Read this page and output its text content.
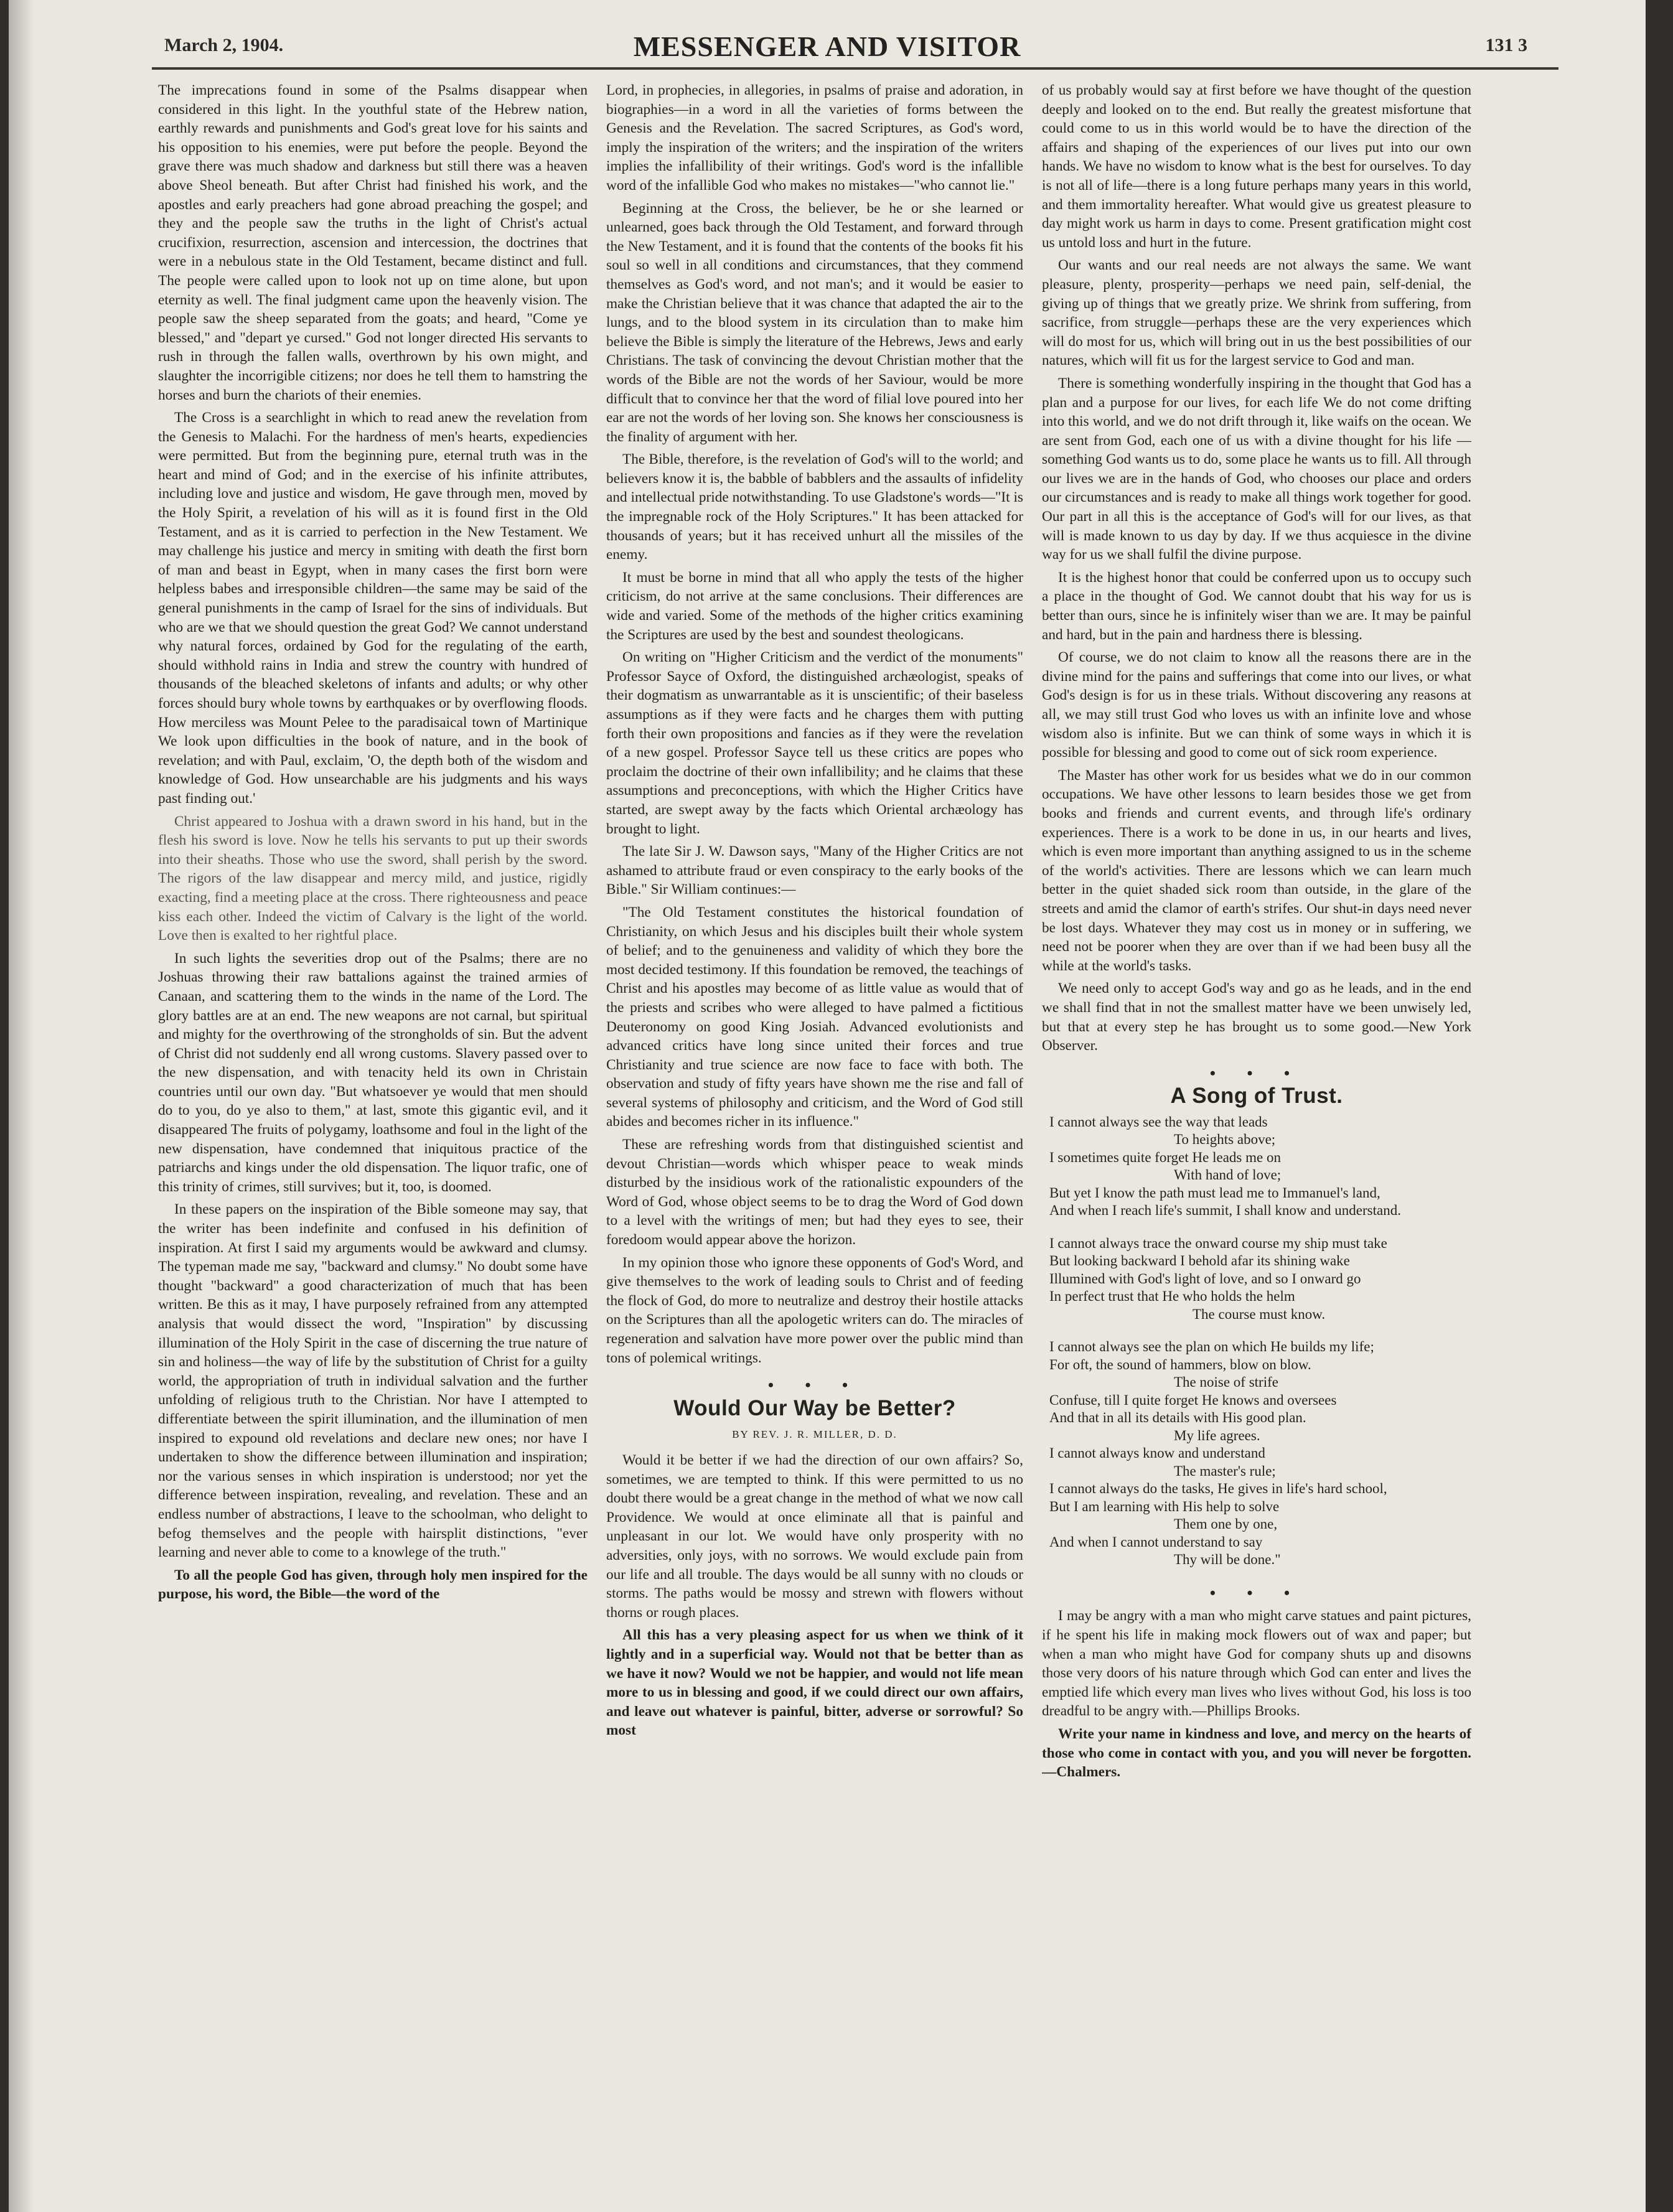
March 2, 1904.	MESSENGER AND VISITOR	131 3

The imprecations found in some of the Psalms disappear when considered in this light. In the youthful state of the Hebrew nation, earthly rewards and punishments and God's great love for his saints and his opposition to his enemies, were put before the people. Beyond the grave there was much shadow and darkness but still there was a heaven above Sheol beneath. But after Christ had finished his work, and the apostles and early preachers had gone abroad preaching the gospel; and they and the people saw the truths in the light of Christ's actual crucifixion, resurrection, ascension and intercession, the doctrines that were in a nebulous state in the Old Testament, became distinct and full. The people were called upon to look not up on time alone, but upon eternity as well. The final judgment came upon the heavenly vision. The people saw the sheep separated from the goats; and heard, "Come ye blessed," and "depart ye cursed." God not longer directed His servants to rush in through the fallen walls, overthrown by his own might, and slaughter the incorrigible citizens; nor does he tell them to hamstring the horses and burn the chariots of their enemies.

The Cross is a searchlight in which to read anew the revelation from the Genesis to Malachi. For the hardness of men's hearts, expediencies were permitted. But from the beginning pure, eternal truth was in the heart and mind of God; and in the exercise of his infinite attributes, including love and justice and wisdom, He gave through men, moved by the Holy Spirit, a revelation of his will as it is found first in the Old Testament, and as it is carried to perfection in the New Testament. We may challenge his justice and mercy in smiting with death the first born of man and beast in Egypt, when in many cases the first born were helpless babes and irresponsible children—the same may be said of the general punishments in the camp of Israel for the sins of individuals. But who are we that we should question the great God? We cannot understand why natural forces, ordained by God for the regulating of the earth, should withhold rains in India and strew the country with hundred of thousands of the bleached skeletons of infants and adults; or why other forces should bury whole towns by earthquakes or by overflowing floods. How merciless was Mount Pelee to the paradisaical town of Martinique We look upon difficulties in the book of nature, and in the book of revelation; and with Paul, exclaim, 'O, the depth both of the wisdom and knowledge of God. How unsearchable are his judgments and his ways past finding out.'

Christ appeared to Joshua with a drawn sword in his hand, but in the flesh his sword is love. Now he tells his servants to put up their swords into their sheaths. Those who use the sword, shall perish by the sword. The rigors of the law disappear and mercy mild, and justice, rigidly exacting, find a meeting place at the cross. There righteousness and peace kiss each other. Indeed the victim of Calvary is the light of the world. Love then is exalted to her rightful place.

In such lights the severities drop out of the Psalms; there are no Joshuas throwing their raw battalions against the trained armies of Canaan, and scattering them to the winds in the name of the Lord. The glory battles are at an end. The new weapons are not carnal, but spiritual and mighty for the overthrowing of the strongholds of sin. But the advent of Christ did not suddenly end all wrong customs. Slavery passed over to the new dispensation, and with tenacity held its own in Christain countries until our own day. "But whatsoever ye would that men should do to you, do ye also to them," at last, smote this gigantic evil, and it disappeared The fruits of polygamy, loathsome and foul in the light of the new dispensation, have condemned that iniquitous practice of the patriarchs and kings under the old dispensation. The liquor trafic, one of this trinity of crimes, still survives; but it, too, is doomed.

In these papers on the inspiration of the Bible someone may say, that the writer has been indefinite and confused in his definition of inspiration. At first I said my arguments would be awkward and clumsy. The typeman made me say, "backward and clumsy." No doubt some have thought "backward" a good characterization of much that has been written. Be this as it may, I have purposely refrained from any attempted analysis that would dissect the word, "Inspiration" by discussing illumination of the Holy Spirit in the case of discerning the true nature of sin and holiness—the way of life by the substitution of Christ for a guilty world, the appropriation of truth in individual salvation and the further unfolding of religious truth to the Christian. Nor have I attempted to differentiate between the spirit illumination, and the illumination of men inspired to expound old revelations and declare new ones; nor have I undertaken to show the difference between illumination and inspiration; nor the various senses in which inspiration is understood; nor yet the difference between inspiration, revealing, and revelation. These and an endless number of abstractions, I leave to the schoolman, who delight to befog themselves and the people with hairsplit distinctions, "ever learning and never able to come to a knowlege of the truth."

To all the people God has given, through holy men inspired for the purpose, his word, the Bible—the word of the

Lord, in prophecies, in allegories, in psalms of praise and adoration, in biographies—in a word in all the varieties of forms between the Genesis and the Revelation. The sacred Scriptures, as God's word, imply the inspiration of the writers; and the inspiration of the writers implies the infallibility of their writings. God's word is the infallible word of the infallible God who makes no mistakes—"who cannot lie."

Beginning at the Cross, the believer, be he or she learned or unlearned, goes back through the Old Testament, and forward through the New Testament, and it is found that the contents of the books fit his soul so well in all conditions and circumstances, that they commend themselves as God's word, and not man's; and it would be easier to make the Christian believe that it was chance that adapted the air to the lungs, and to the blood system in its circulation than to make him believe the Bible is simply the literature of the Hebrews, Jews and early Christians. The task of convincing the devout Christian mother that the words of the Bible are not the words of her Saviour, would be more difficult that to convince her that the word of filial love poured into her ear are not the words of her loving son. She knows her consciousness is the finality of argument with her.

The Bible, therefore, is the revelation of God's will to the world; and believers know it is, the babble of babblers and the assaults of infidelity and intellectual pride notwithstanding. To use Gladstone's words—"It is the impregnable rock of the Holy Scriptures." It has been attacked for thousands of years; but it has received unhurt all the missiles of the enemy.

It must be borne in mind that all who apply the tests of the higher criticism, do not arrive at the same conclusions. Their differences are wide and varied. Some of the methods of the higher critics examining the Scriptures are used by the best and soundest theologicans.

On writing on "Higher Criticism and the verdict of the monuments" Professor Sayce of Oxford, the distinguished archæologist, speaks of their dogmatism as unwarrantable as it is unscientific; of their baseless assumptions as if they were facts and he charges them with putting forth their own propositions and fancies as if they were the revelation of a new gospel. Professor Sayce tell us these critics are popes who proclaim the doctrine of their own infallibility; and he claims that these assumptions and preconceptions, with which the Higher Critics have started, are swept away by the facts which Oriental archæology has brought to light.

The late Sir J. W. Dawson says, "Many of the Higher Critics are not ashamed to attribute fraud or even conspiracy to the early books of the Bible." Sir William continues:—

"The Old Testament constitutes the historical foundation of Christianity, on which Jesus and his disciples built their whole system of belief; and to the genuineness and validity of which they bore the most decided testimony. If this foundation be removed, the teachings of Christ and his apostles may become of as little value as would that of the priests and scribes who were alleged to have palmed a fictitious Deuteronomy on good King Josiah. Advanced evolutionists and advanced critics have long since united their forces and true Christianity and true science are now face to face with both. The observation and study of fifty years have shown me the rise and fall of several systems of philosophy and criticism, and the Word of God still abides and becomes richer in its influence."

These are refreshing words from that distinguished scientist and devout Christian—words which whisper peace to weak minds disturbed by the insidious work of the rationalistic expounders of the Word of God, whose object seems to be to drag the Word of God down to a level with the writings of men; but had they eyes to see, their foredoom would appear above the horizon.

In my opinion those who ignore these opponents of God's Word, and give themselves to the work of leading souls to Christ and of feeding the flock of God, do more to neutralize and destroy their hostile attacks on the Scriptures than all the apologetic writers can do. The miracles of regeneration and salvation have more power over the public mind than tons of polemical writings.

• • •
Would Our Way be Better?
BY REV. J. R. MILLER, D. D.

Would it be better if we had the direction of our own affairs? So, sometimes, we are tempted to think. If this were permitted to us no doubt there would be a great change in the method of what we now call Providence. We would at once eliminate all that is painful and unpleasant in our lot. We would have only prosperity with no adversities, only joys, with no sorrows. We would exclude pain from our life and all trouble. The days would be all sunny with no clouds or storms. The paths would be mossy and strewn with flowers without thorns or rough places.

All this has a very pleasing aspect for us when we think of it lightly and in a superficial way. Would not that be better than as we have it now? Would we not be happier, and would not life mean more to us in blessing and good, if we could direct our own affairs, and leave out whatever is painful, bitter, adverse or sorrowful? So most

of us probably would say at first before we have thought of the question deeply and looked on to the end. But really the greatest misfortune that could come to us in this world would be to have the direction of the affairs and shaping of the experiences of our lives put into our own hands. We have no wisdom to know what is the best for ourselves. To day is not all of life—there is a long future perhaps many years in this world, and them immortality hereafter. What would give us greatest pleasure to day might work us harm in days to come. Present gratification might cost us untold loss and hurt in the future.

Our wants and our real needs are not always the same. We want pleasure, plenty, prosperity—perhaps we need pain, self-denial, the giving up of things that we greatly prize. We shrink from suffering, from sacrifice, from struggle—perhaps these are the very experiences which will do most for us, which will bring out in us the best possibilities of our natures, which will fit us for the largest service to God and man.

There is something wonderfully inspiring in the thought that God has a plan and a purpose for our lives, for each life We do not come drifting into this world, and we do not drift through it, like waifs on the ocean. We are sent from God, each one of us with a divine thought for his life —something God wants us to do, some place he wants us to fill. All through our lives we are in the hands of God, who chooses our place and orders our circumstances and is ready to make all things work together for good. Our part in all this is the acceptance of God's will for our lives, as that will is made known to us day by day. If we thus acquiesce in the divine way for us we shall fulfil the divine purpose.

It is the highest honor that could be conferred upon us to occupy such a place in the thought of God. We cannot doubt that his way for us is better than ours, since he is infinitely wiser than we are. It may be painful and hard, but in the pain and hardness there is blessing.

Of course, we do not claim to know all the reasons there are in the divine mind for the pains and sufferings that come into our lives, or what God's design is for us in these trials. Without discovering any reasons at all, we may still trust God who loves us with an infinite love and whose wisdom also is infinite. But we can think of some ways in which it is possible for blessing and good to come out of sick room experience.

The Master has other work for us besides what we do in our common occupations. We have other lessons to learn besides those we get from books and friends and current events, and through life's ordinary experiences. There is a work to be done in us, in our hearts and lives, which is even more important than anything assigned to us in the scheme of the world's activities. There are lessons which we can learn much better in the quiet shaded sick room than outside, in the glare of the streets and amid the clamor of earth's strifes. Our shut-in days need never be lost days. Whatever they may cost us in money or in suffering, we need not be poorer when they are over than if we had been busy all the while at the world's tasks.

We need only to accept God's way and go as he leads, and in the end we shall find that in not the smallest matter have we been unwisely led, but that at every step he has brought us to some good.—New York Observer.

• • •
A Song of Trust.
I cannot always see the way that leads
To heights above;
I sometimes quite forget He leads me on
With hand of love;
But yet I know the path must lead me to Immanuel's land,
And when I reach life's summit, I shall know and understand.
I cannot always trace the onward course my ship must take
But looking backward I behold afar its shining wake
Illumined with God's light of love, and so I onward go
In perfect trust that He who holds the helm
The course must know.
I cannot always see the plan on which He builds my life;
For oft, the sound of hammers, blow on blow.
The noise of strife
Confuse, till I quite forget He knows and oversees
And that in all its details with His good plan.
My life agrees.
I cannot always know and understand
The master's rule;
I cannot always do the tasks, He gives in life's hard school,
But I am learning with His help to solve
Them one by one,
And when I cannot understand to say
Thy will be done."
• • •

I may be angry with a man who might carve statues and paint pictures, if he spent his life in making mock flowers out of wax and paper; but when a man who might have God for company shuts up and disowns those very doors of his nature through which God can enter and lives the emptied life which every man lives who lives without God, his loss is too dreadful to be angry with.—Phillips Brooks.

Write your name in kindness and love, and mercy on the hearts of those who come in contact with you, and you will never be forgotten.—Chalmers.
